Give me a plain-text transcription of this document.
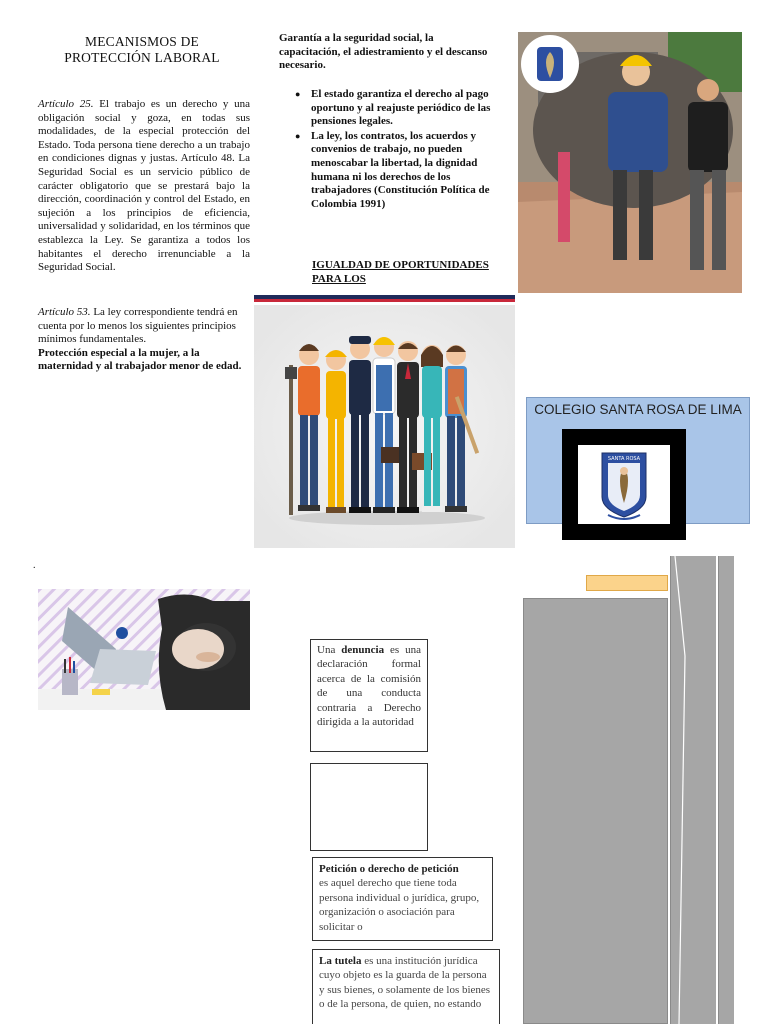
MECANISMOS DE
PROTECCIÓN LABORAL
Artículo 25. El trabajo es un derecho y una obligación social y goza, en todas sus modalidades, de la especial protección del Estado. Toda persona tiene derecho a un trabajo en condiciones dignas y justas. Artículo 48. La Seguridad Social es un servicio público de carácter obligatorio que se prestará bajo la dirección, coordinación y control del Estado, en sujeción a los principios de eficiencia, universalidad y solidaridad, en los términos que establezca la Ley. Se garantiza a todos los habitantes el derecho irrenunciable a la Seguridad Social.
Artículo 53. La ley correspondiente tendrá en cuenta por lo menos los siguientes principios mínimos fundamentales.
Protección especial a la mujer, a la maternidad y al trabajador menor de edad.
Garantía a la seguridad social, la capacitación, el adiestramiento y el descanso necesario.
● El estado garantiza el derecho al pago oportuno y al reajuste periódico de las pensiones legales.
● La ley, los contratos, los acuerdos y convenios de trabajo, no pueden menoscabar la libertad, la dignidad humana ni los derechos de los trabajadores (Constitución Política de Colombia 1991)
IGUALDAD DE OPORTUNIDADES PARA LOS
COLEGIO SANTA ROSA DE LIMA
SANTA ROSA
.
Una denuncia es una declaración formal acerca de la comisión de una conducta contraria a Derecho dirigida a la autoridad
Petición o derecho de petición
es aquel derecho que tiene toda persona individual o jurídica, grupo, organización o asociación para solicitar o
La tutela es una institución jurídica cuyo objeto es la guarda de la persona y sus bienes, o solamente de los bienes o de la persona, de quien, no estando
